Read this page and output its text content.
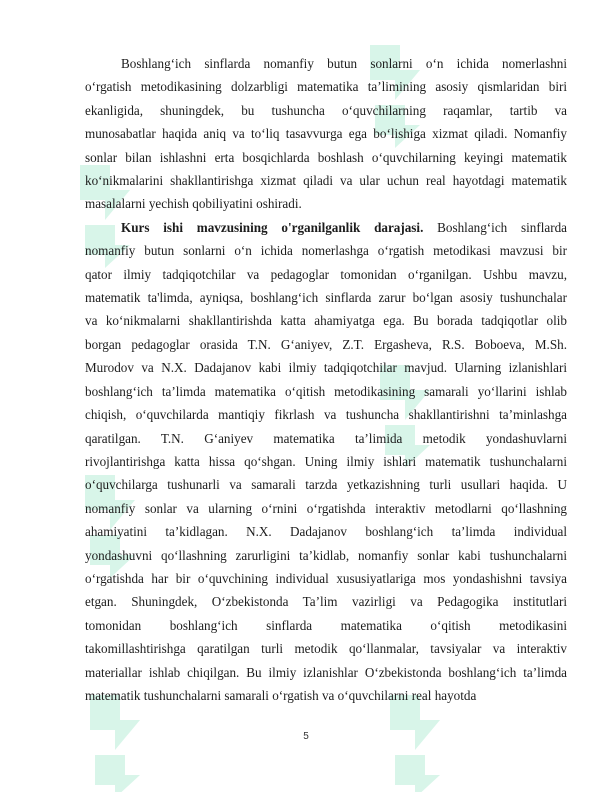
Boshlang‘ich sinflarda nomanfiy butun sonlarni o‘n ichida nomerlashni
o‘rgatish metodikasining dolzarbligi matematika ta’limining asosiy qismlaridan biri
ekanligida, shuningdek, bu tushuncha o‘quvchilarning raqamlar, tartib va
munosabatlar haqida aniq va to‘liq tasavvurga ega bo‘lishiga xizmat qiladi. Nomanfiy
sonlar bilan ishlashni erta bosqichlarda boshlash o‘quvchilarning keyingi matematik
ko‘nikmalarini shakllantirishga xizmat qiladi va ular uchun real hayotdagi matematik
masalalarni yechish qobiliyatini oshiradi.
Kurs ishi mavzusining o'rganilganlik darajasi. Boshlang‘ich sinflarda
nomanfiy butun sonlarni o‘n ichida nomerlashga o‘rgatish metodikasi mavzusi bir
qator ilmiy tadqiqotchilar va pedagoglar tomonidan o‘rganilgan. Ushbu mavzu,
matematik ta'limda, ayniqsa, boshlang‘ich sinflarda zarur bo‘lgan asosiy tushunchalar
va ko‘nikmalarni shakllantirishda katta ahamiyatga ega. Bu borada tadqiqotlar olib
borgan pedagoglar orasida T.N. G‘aniyev, Z.T. Ergasheva, R.S. Boboeva, M.Sh.
Murodov va N.X. Dadajanov kabi ilmiy tadqiqotchilar mavjud. Ularning izlanishlari
boshlang‘ich ta’limda matematika o‘qitish metodikasining samarali yo‘llarini ishlab
chiqish, o‘quvchilarda mantiqiy fikrlash va tushuncha shakllantirishni ta’minlashga
qaratilgan. T.N. G‘aniyev matematika ta’limida metodik yondashuvlarni
rivojlantirishga katta hissa qo‘shgan. Uning ilmiy ishlari matematik tushunchalarni
o‘quvchilarga tushunarli va samarali tarzda yetkazishning turli usullari haqida. U
nomanfiy sonlar va ularning o‘rnini o‘rgatishda interaktiv metodlarni qo‘llashning
ahamiyatini ta’kidlagan. N.X. Dadajanov boshlang‘ich ta’limda individual
yondashuvni qo‘llashning zarurligini ta’kidlab, nomanfiy sonlar kabi tushunchalarni
o‘rgatishda har bir o‘quvchining individual xususiyatlariga mos yondashishni tavsiya
etgan. Shuningdek, O‘zbekistonda Ta’lim vazirligi va Pedagogika institutlari
tomonidan boshlang‘ich sinflarda matematika o‘qitish metodikasini
takomillashtirishga qaratilgan turli metodik qo‘llanmalar, tavsiyalar va interaktiv
materiallar ishlab chiqilgan. Bu ilmiy izlanishlar O‘zbekistonda boshlang‘ich ta’limda
matematik tushunchalarni samarali o‘rgatish va o‘quvchilarni real hayotda
5
